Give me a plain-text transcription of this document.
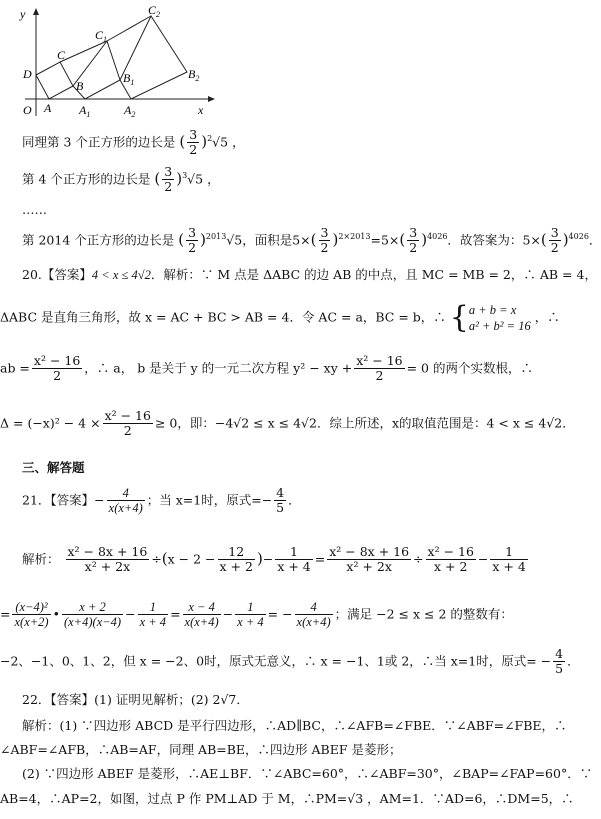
y
x
O
D
C
$C_1$
$C_2$
A $A_1$	$A_2$
B
$B_1$
$B_2$
同理第 3 个正方形的边长是 ( $\frac{3}{2} )^2√5$ ，
第 4 个正方形的边长是 ( $\frac{3}{2} )^3√5$ ，
……
第 2014 个正方形的边长是 ( $\frac{3}{2} )^{2013}√5$，面积是$5\times( \frac{3}{2} )^{2\times 2013}=5\times( \frac{3}{2} )^{4026}$．故答案为：$5\times( \frac{3}{2} )^{4026}$．
20.【答案】4 < x ≤ 4√2．解析：∵ M 点是 ΔABC 的边 AB 的中点，且 MC = MB = 2，∴ AB = 4，
ΔABC 是直角三角形，故 x = AC + BC > AB = 4．令 AC = a，BC = b，∴ { a + b = x
a² + b² = 16
，∴
ab = $\frac{\text{x² − 16}}{2}$ ，∴ a， b 是关于 y 的一元二次方程 y² − xy + $\frac{\text{x² − 16}}{2} = 0$ 的两个实数根，∴
$\Delta = (-x)^2 - 4 \times \frac{\text{x² − 16}}{2} \ge 0$，即：−4√2 ≤ x ≤ 4√2．综上所述，x的取值范围是：4 < x ≤ 4√2．
三、解答题
21．【答案】− $\frac{4}{x(x+4)}$ ；当 x=1时，原式=− $\frac{4}{5}$ ．
解析： $\frac{\text{x² − 8x + 16}}{\text{x² + 2x}} \div(x - 2 - \frac{12}{x + 2}$ )− $\frac{1}{x + 4} = \frac{\text{x² − 8x + 16}}{\text{x² + 2x}} \div \frac{\text{x² − 16}}{x + 2} - \frac{1}{x + 4}$
= $\frac{\text{(x−4)²}}{x(x+2)}$ • $\frac{x + 2}{(x+4)(x-4)} - \frac{1}{x + 4} = \frac{x - 4}{x(x+4)} - \frac{1}{x + 4}$ = − $\frac{4}{x(x+4)}$ ；满足 −2 ≤ x ≤ 2 的整数有：
−2、−1、0、1、2，但 x = −2、0时，原式无意义，∴ x = −1、1或 2，∴当 x=1时，原式= − $\frac{4}{5}$ ．
22．【答案】(1) 证明见解析；(2) 2√7．
解析：(1) ∵四边形 ABCD 是平行四边形，∴AD∥BC，∴∠AFB=∠FBE．∵∠ABF=∠FBE，∴
∠ABF=∠AFB，∴AB=AF，同理 AB=BE，∴四边形 ABEF 是菱形；
(2) ∵四边形 ABEF 是菱形，∴AE⊥BF．∵∠ABC=60°，∴∠ABF=30°，∠BAP=∠FAP=60°．∵
AB=4，∴AP=2，如图，过点 P 作 PM⊥AD 于 M，∴PM=√3 ，AM=1．∵AD=6，∴DM=5，∴
